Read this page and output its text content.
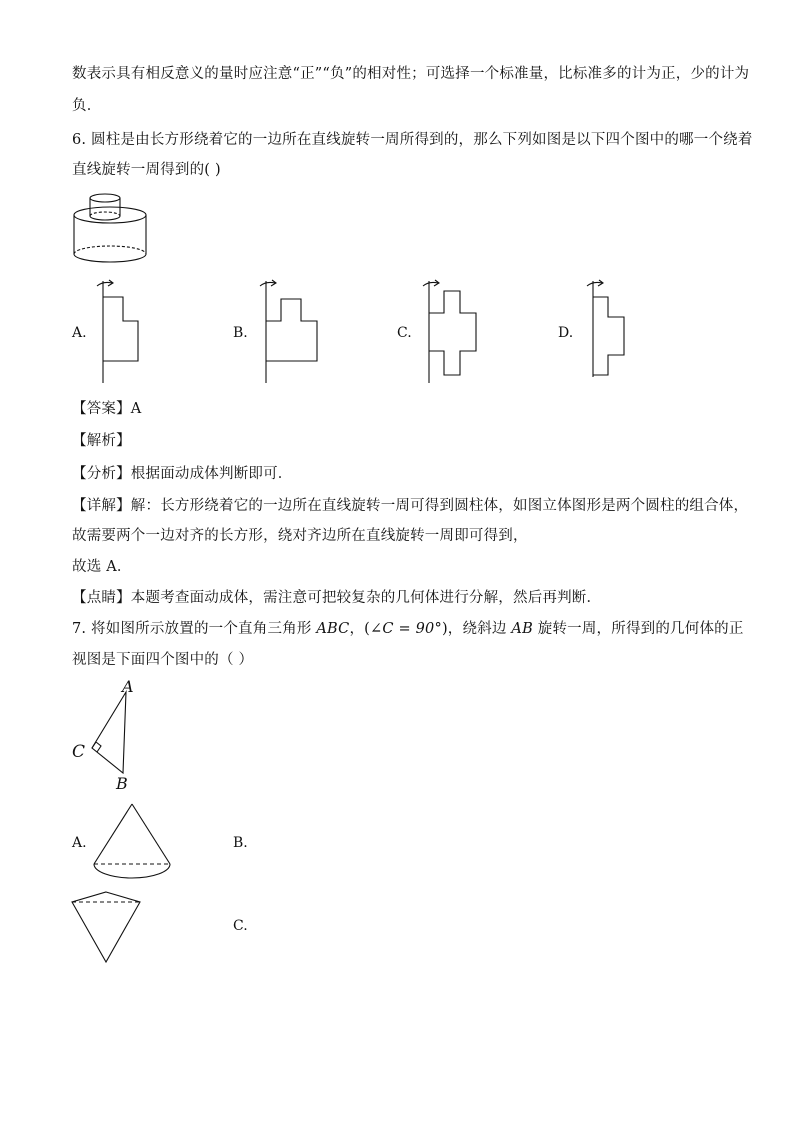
数表示具有相反意义的量时应注意“正”“负”的相对性；可选择一个标准量，比标准多的计为正，少的计为
负．
6. 圆柱是由长方形绕着它的一边所在直线旋转一周所得到的，那么下列如图是以下四个图中的哪一个绕着
直线旋转一周得到的( )
A.	B.	C.	D.
【答案】A
【解析】
【分析】根据面动成体判断即可．
【详解】解：长方形绕着它的一边所在直线旋转一周可得到圆柱体，如图立体图形是两个圆柱的组合体，
故需要两个一边对齐的长方形，绕对齐边所在直线旋转一周即可得到，
故选 A．
【点睛】本题考查面动成体，需注意可把较复杂的几何体进行分解，然后再判断．
7. 将如图所示放置的一个直角三角形 ABC，(∠C = 90°)，绕斜边 AB 旋转一周，所得到的几何体的正
视图是下面四个图中的（ ）
A
C
B
A.	B.
C.
